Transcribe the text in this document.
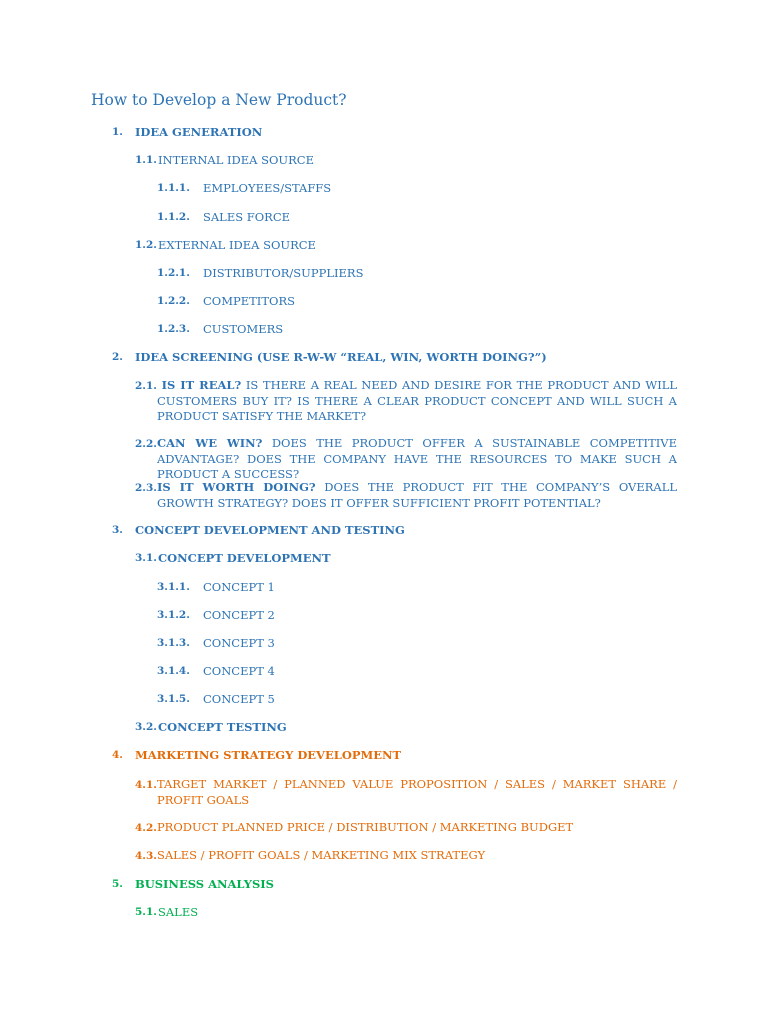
How to Develop a New Product?
1. IDEA GENERATION
1.1. INTERNAL IDEA SOURCE
1.1.1. EMPLOYEES/STAFFS
1.1.2. SALES FORCE
1.2. EXTERNAL IDEA SOURCE
1.2.1. DISTRIBUTOR/SUPPLIERS
1.2.2. COMPETITORS
1.2.3. CUSTOMERS
2. IDEA SCREENING (USE R-W-W “REAL, WIN, WORTH DOING?”)
2.1. IS IT REAL? IS THERE A REAL NEED AND DESIRE FOR THE PRODUCT AND WILL CUSTOMERS BUY IT? IS THERE A CLEAR PRODUCT CONCEPT AND WILL SUCH A PRODUCT SATISFY THE MARKET?
2.2.CAN WE WIN? DOES THE PRODUCT OFFER A SUSTAINABLE COMPETITIVE ADVANTAGE? DOES THE COMPANY HAVE THE RESOURCES TO MAKE SUCH A PRODUCT A SUCCESS?
2.3.IS IT WORTH DOING? DOES THE PRODUCT FIT THE COMPANY’S OVERALL GROWTH STRATEGY? DOES IT OFFER SUFFICIENT PROFIT POTENTIAL?
3. CONCEPT DEVELOPMENT AND TESTING
3.1. CONCEPT DEVELOPMENT
3.1.1. CONCEPT 1
3.1.2. CONCEPT 2
3.1.3. CONCEPT 3
3.1.4. CONCEPT 4
3.1.5. CONCEPT 5
3.2. CONCEPT TESTING
4. MARKETING STRATEGY DEVELOPMENT
4.1.TARGET MARKET / PLANNED VALUE PROPOSITION / SALES / MARKET SHARE / PROFIT GOALS
4.2.PRODUCT PLANNED PRICE / DISTRIBUTION / MARKETING BUDGET
4.3.SALES / PROFIT GOALS / MARKETING MIX STRATEGY
5. BUSINESS ANALYSIS
5.1. SALES
